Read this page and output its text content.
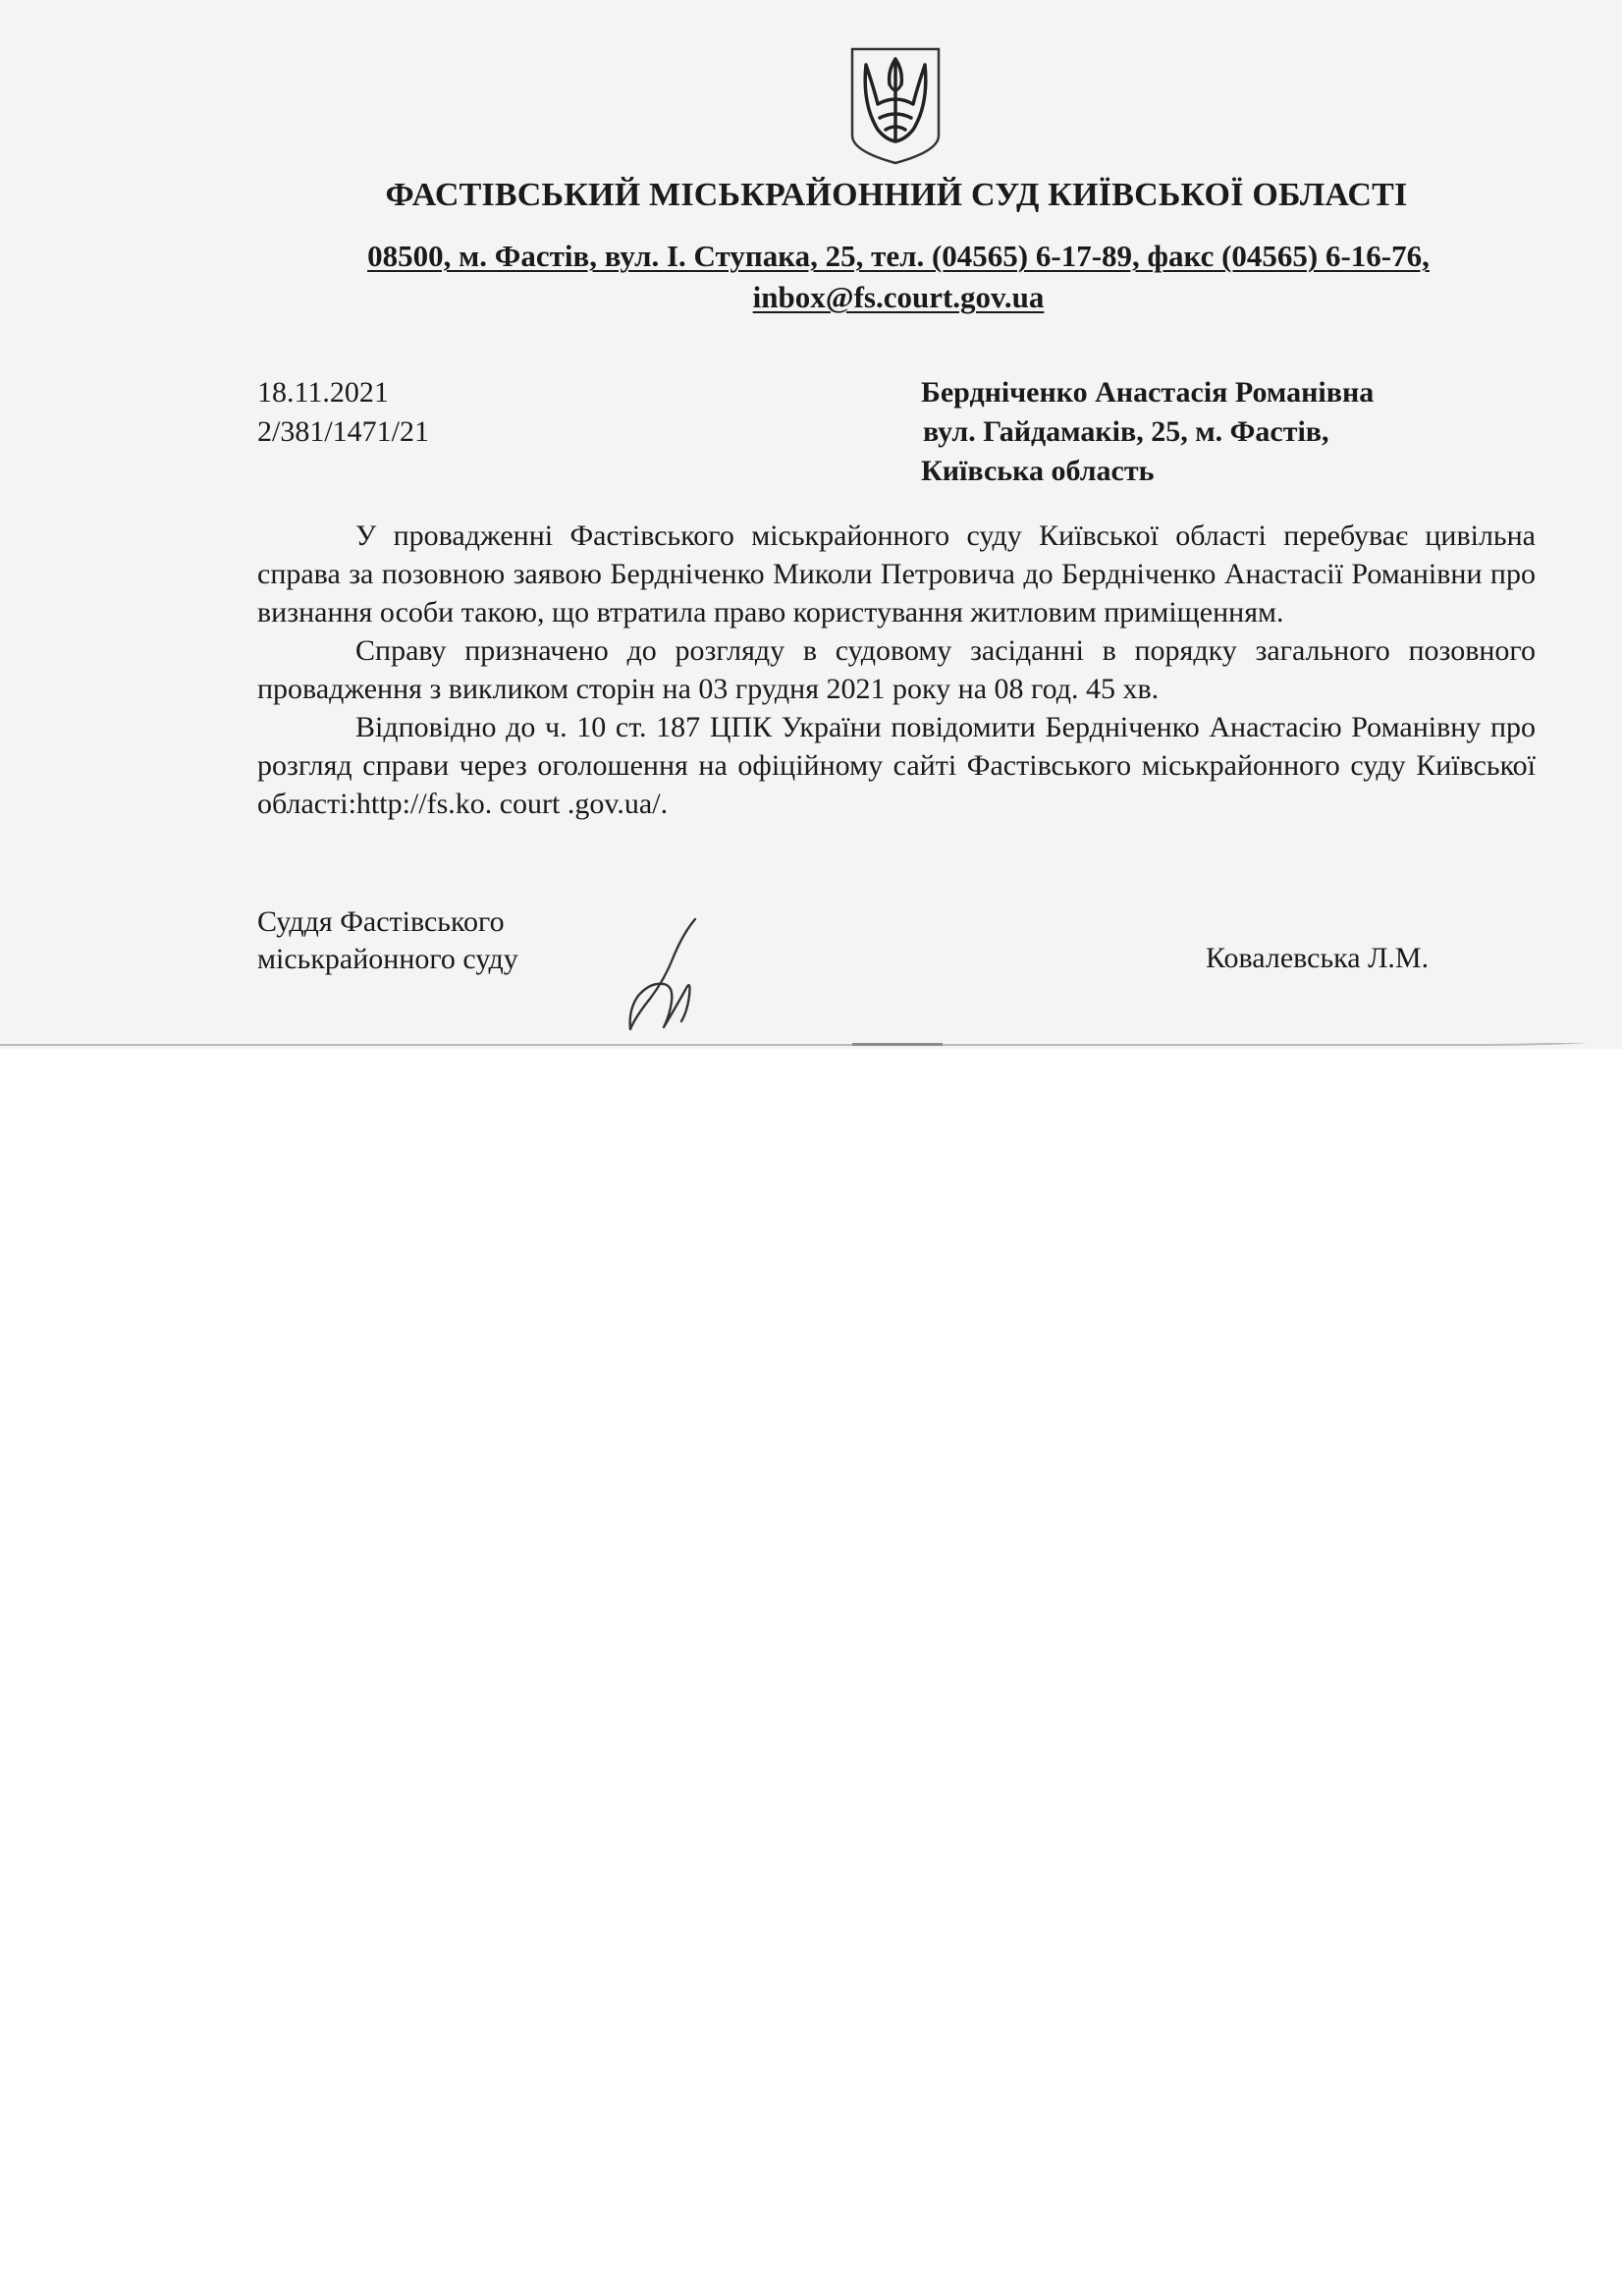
ФАСТІВСЬКИЙ МІСЬКРАЙОННИЙ СУД КИЇВСЬКОЇ ОБЛАСТІ
08500, м. Фастів, вул. І. Ступака, 25, тел. (04565) 6-17-89, факс (04565) 6-16-76,
inbox@fs.court.gov.ua
18.11.2021
2/381/1471/21
Бердніченко Анастасія Романівна
вул. Гайдамаків, 25, м. Фастів,
Київська область

У провадженні Фастівського міськрайонного суду Київської області перебуває цивільна справа за позовною заявою Бердніченко Миколи Петровича до Бердніченко Анастасії Романівни про визнання особи такою, що втратила право користування житловим приміщенням.

Справу призначено до розгляду в судовому засіданні в порядку загального позовного провадження з викликом сторін на 03 грудня 2021 року на 08 год. 45 хв.

Відповідно до ч. 10 ст. 187 ЦПК України повідомити Бердніченко Анастасію Романівну про розгляд справи через оголошення на офіційному сайті Фастівського міськрайонного суду Київської області:http://fs.ko. court .gov.ua/.

Суддя Фастівського
міськрайонного суду	Ковалевська Л.М.
